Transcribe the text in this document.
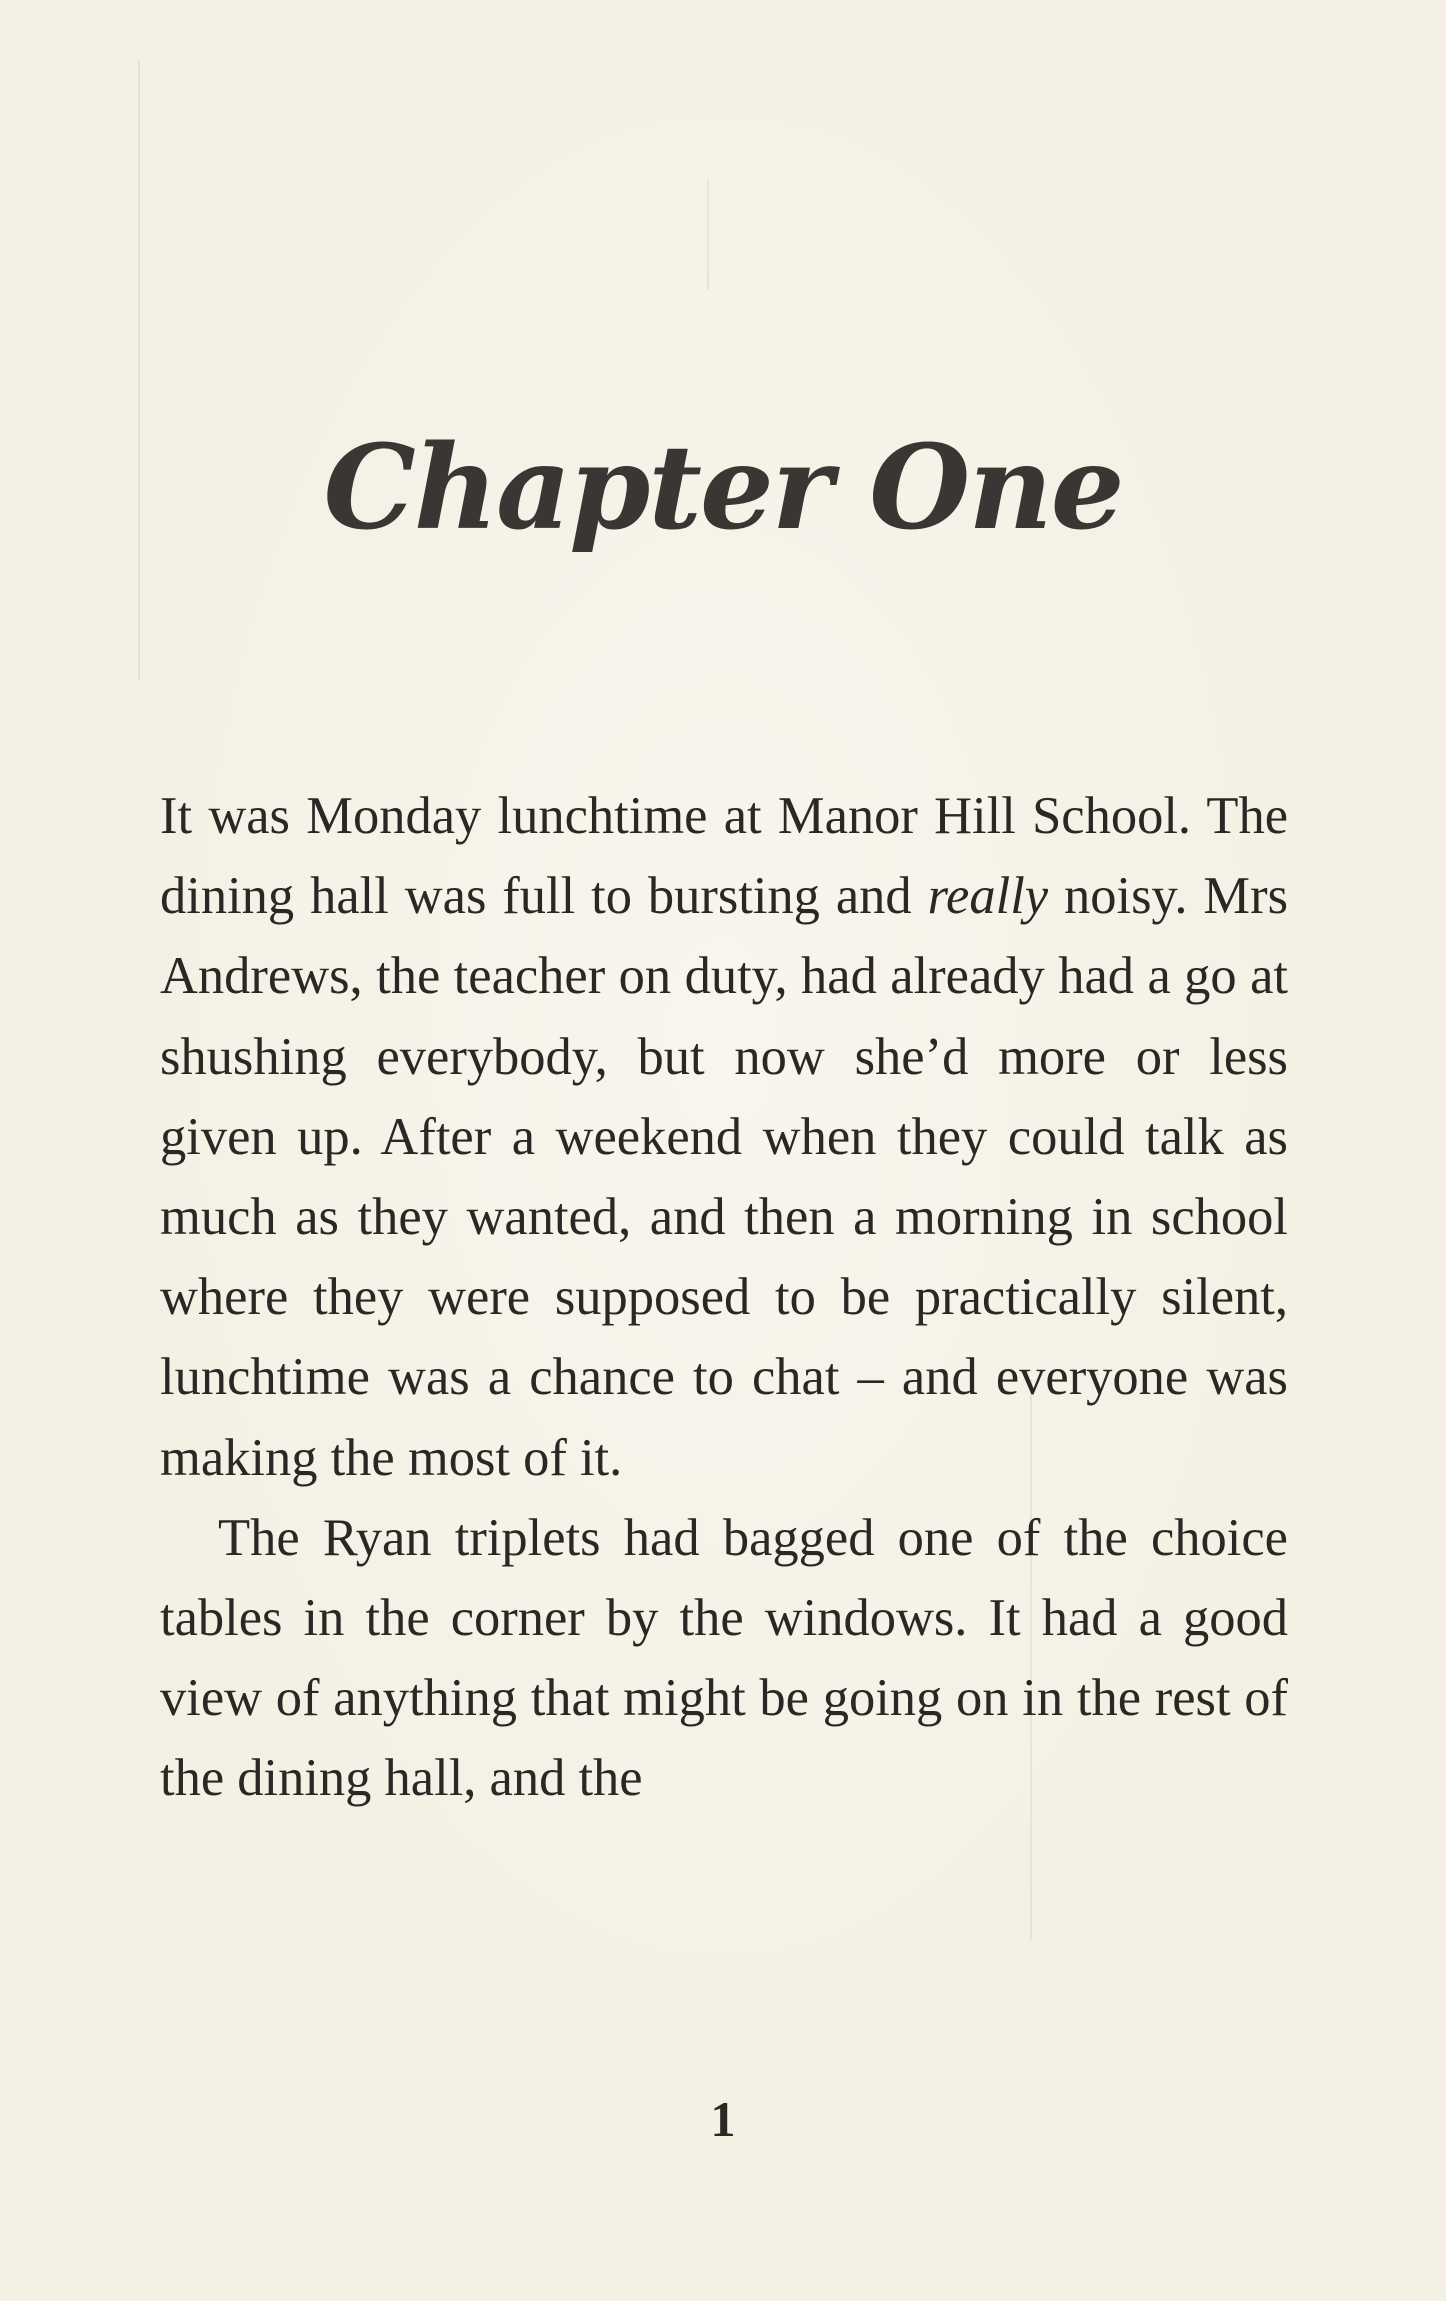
Chapter One

It was Monday lunchtime at Manor Hill School. The dining hall was full to bursting and really noisy. Mrs Andrews, the teacher on duty, had already had a go at shushing everybody, but now she’d more or less given up. After a weekend when they could talk as much as they wanted, and then a morning in school where they were supposed to be practically silent, lunchtime was a chance to chat – and everyone was making the most of it.

The Ryan triplets had bagged one of the choice tables in the corner by the windows. It had a good view of anything that might be going on in the rest of the dining hall, and the

1
